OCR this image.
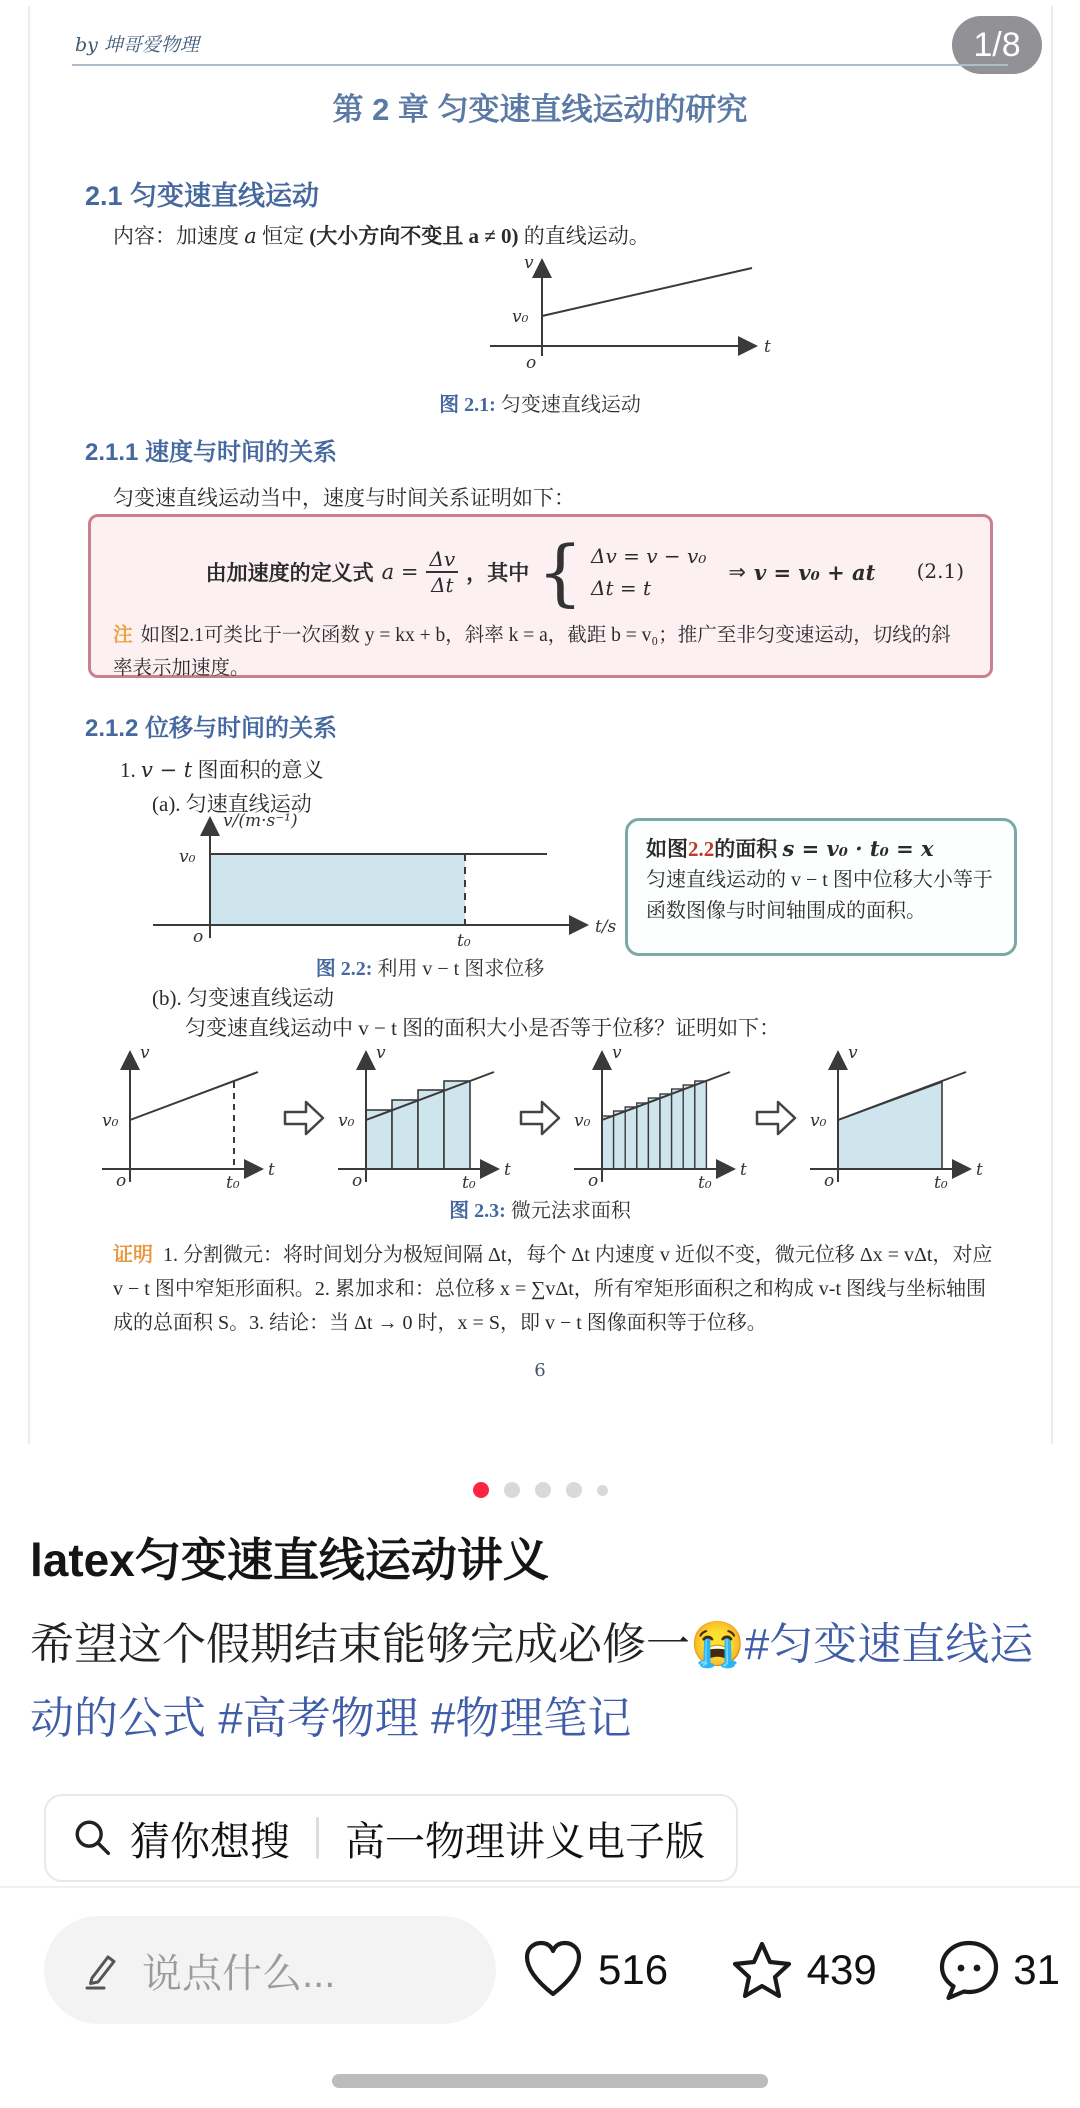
1/8
by 坤哥爱物理
第 2 章 匀变速直线运动的研究
2.1 匀变速直线运动
内容：加速度 a 恒定 (大小方向不变且 a ≠ 0) 的直线运动。
v
v₀
o
t
图 2.1: 匀变速直线运动
2.1.1 速度与时间的关系
匀变速直线运动当中，速度与时间关系证明如下：
由加速度的定义式 $a = \frac{\Delta v}{\Delta t}$ ，其中 { Δv = v − v₀
Δt = t
⇒ v = v₀ + at (2.1)
注 如图2.1可类比于一次函数 y = kx + b，斜率 k = a，截距 b = v₀；推广至非匀变速运动，切线的斜率表示加速度。
2.1.2 位移与时间的关系
1. v − t 图面积的意义
(a). 匀速直线运动
v/(m·s⁻¹)
v₀
o	t₀
t/s
如图2.2的面积 s = v₀ · t₀ = x
匀速直线运动的 v − t 图中位移大小等于函数图像与时间轴围成的面积。
图 2.2: 利用 v − t 图求位移
(b). 匀变速直线运动
匀变速直线运动中 v − t 图的面积大小是否等于位移？证明如下：
v
v₀
o	t₀
t
v
v₀
o	t₀
t
v
v₀
o	t₀
t
v
v₀
o	t₀
t
图 2.3: 微元法求面积
证明 1. 分割微元：将时间划分为极短间隔 Δt，每个 Δt 内速度 v 近似不变，微元位移 Δx = vΔt，对应 v − t 图中窄矩形面积。2. 累加求和：总位移 x = ∑vΔt，所有窄矩形面积之和构成 v-t 图线与坐标轴围成的总面积 S。3. 结论：当 Δt → 0 时，x = S，即 v − t 图像面积等于位移。
6
latex匀变速直线运动讲义
希望这个假期结束能够完成必修一😭#匀变速直线运动的公式 #高考物理 #物理笔记
猜你想搜 高一物理讲义电子版
说点什么...	516	439	31
